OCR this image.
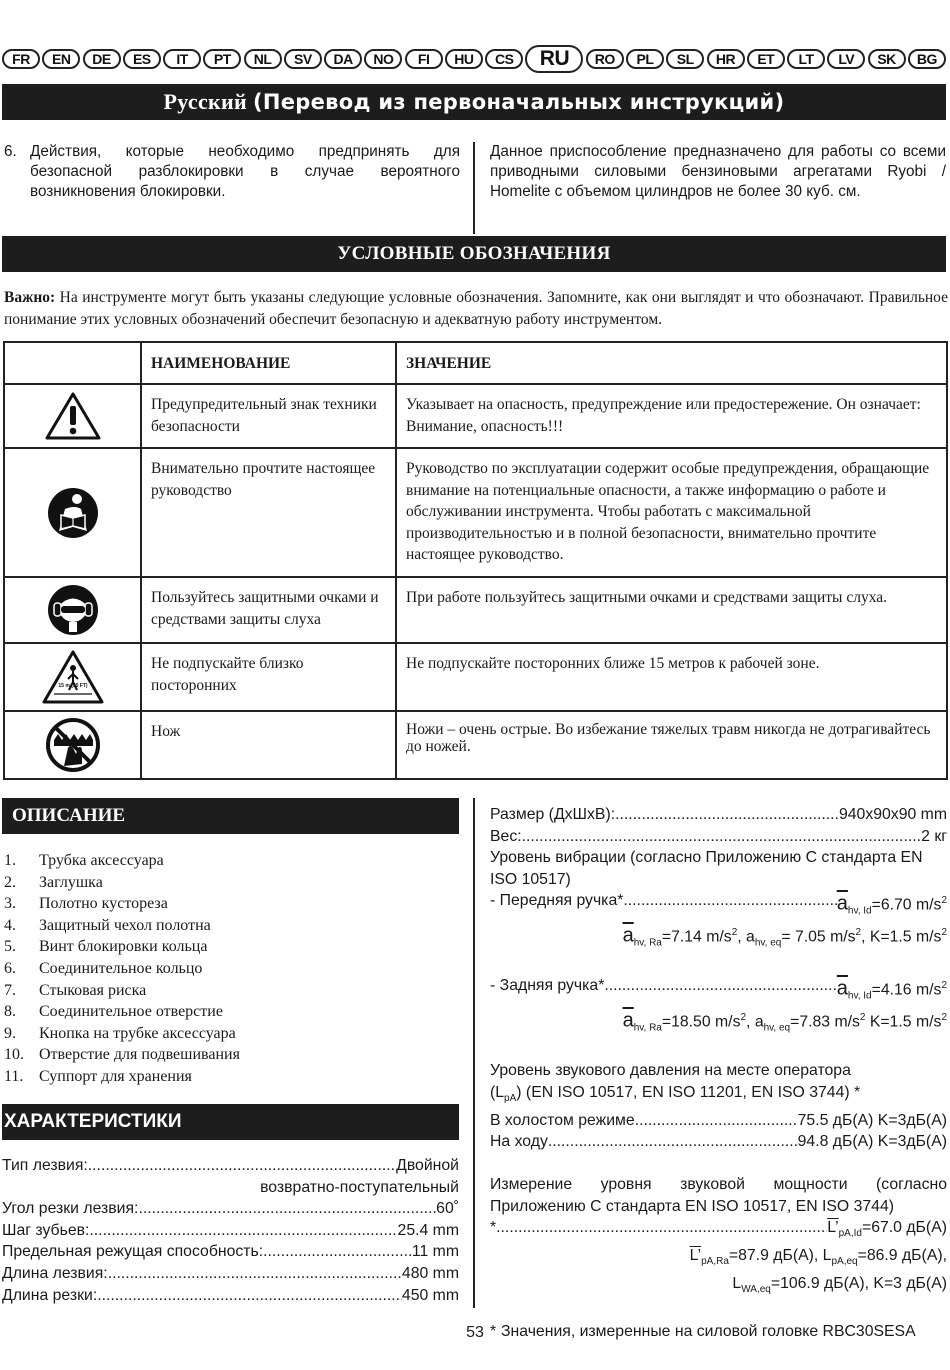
FR	EN	DE	ES	IT	PT	NL	SV	DA	NO	FI	HU	CS	RU	RO	PL	SL	HR	ET	LT	LV	SK	BG
Русский (Перевод из первоначальных инструкций)
6. Действия, которые необходимо предпринять для безопасной разблокировки в случае вероятного возникновения блокировки.
Данное приспособление предназначено для работы со всеми приводными силовыми бензиновыми агрегатами Ryobi / Homelite с объемом цилиндров не более 30 куб. см.
УСЛОВНЫЕ ОБОЗНАЧЕНИЯ
Важно: На инструменте могут быть указаны следующие условные обозначения. Запомните, как они выглядят и что обозначают. Правильное понимание этих условных обозначений обеспечит безопасную и адекватную работу инструментом.
	НАИМЕНОВАНИЕ	ЗНАЧЕНИЕ

	Предупредительный знак техники безопасности	Указывает на опасность, предупреждение или предостережение. Он означает: Внимание, опасность!!!

	Внимательно прочтите настоящее руководство	Руководство по эксплуатации содержит особые предупреждения, обращающие внимание на потенциальные опасности, а также информацию о работе и обслуживании инструмента. Чтобы работать с максимальной производительностью и в полной безопасности, внимательно прочтите настоящее руководство.

	Пользуйтесь защитными очками и средствами защиты слуха	При работе пользуйтесь защитными очками и средствами защиты слуха.

15 m (50 FT)	Не подпускайте близко посторонних	Не подпускайте посторонних ближе 15 метров к рабочей зоне.

	Нож	Ножи – очень острые. Во избежание тяжелых травм никогда не дотрагивайтесь до ножей.
ОПИСАНИЕ
1.	Трубка аксессуара
2.	Заглушка
3.	Полотно кустореза
4.	Защитный чехол полотна
5.	Винт блокировки кольца
6.	Соединительное кольцо
7.	Стыковая риска
8.	Соединительное отверстие
9.	Кнопка на трубке аксессуара
10. Отверстие для подвешивания
11. Суппорт для хранения
ХАРАКТЕРИСТИКИ
Тип лезвия: .....	Двойной
возвратно-поступательный
Угол резки лезвия: .....	60˚
Шаг зубьев: .....	25.4 mm
Предельная режущая способность: .....	11 mm
Длина лезвия: .....	480 mm
Длина резки: .....	450 mm
Размер (ДхШхВ): .....	940x90x90 mm
Вес: .....	2 кг
Уровень вибрации (согласно Приложению С стандарта EN ISO 10517)
- Передняя ручка* .....	$\overline{a}_{hv, Id}=6.70$ $m/s^2$
$\overline{a}_{hv, Ra}=7.14$ $m/s^2$, $a_{hv, eq}= 7.05$ $m/s^2$, K=1.5 $m/s^2$
- Задняя ручка* .....	$\overline{a}_{hv, Id}=4.16$ $m/s^2$
$\overline{a}_{hv, Ra}=18.50$ $m/s^2$, $a_{hv, eq}=7.83$ $m/s^2$ K=1.5 $m/s^2$
Уровень звукового давления на месте оператора
$(L_{pA})$ (EN ISO 10517, EN ISO 11201, EN ISO 3744) *
В холостом режиме .....	75.5 дБ(A) K=3дБ(A)
На ходу .....	94.8 дБ(A) K=3дБ(A)
Измерение уровня звуковой мощности (согласно Приложению С стандарта EN ISO 10517, EN ISO 3744)
* .....	$L’_{pA,Id}=67.0$ дБ(A)
$L’_{pA,Ra}=87.9$ дБ(A), $L_{pA,eq}=86.9$ дБ(A),
$L_{WA,eq}=106.9$ дБ(A), K=3 дБ(A)
* Значения, измеренные на силовой головке RBC30SESA
53
